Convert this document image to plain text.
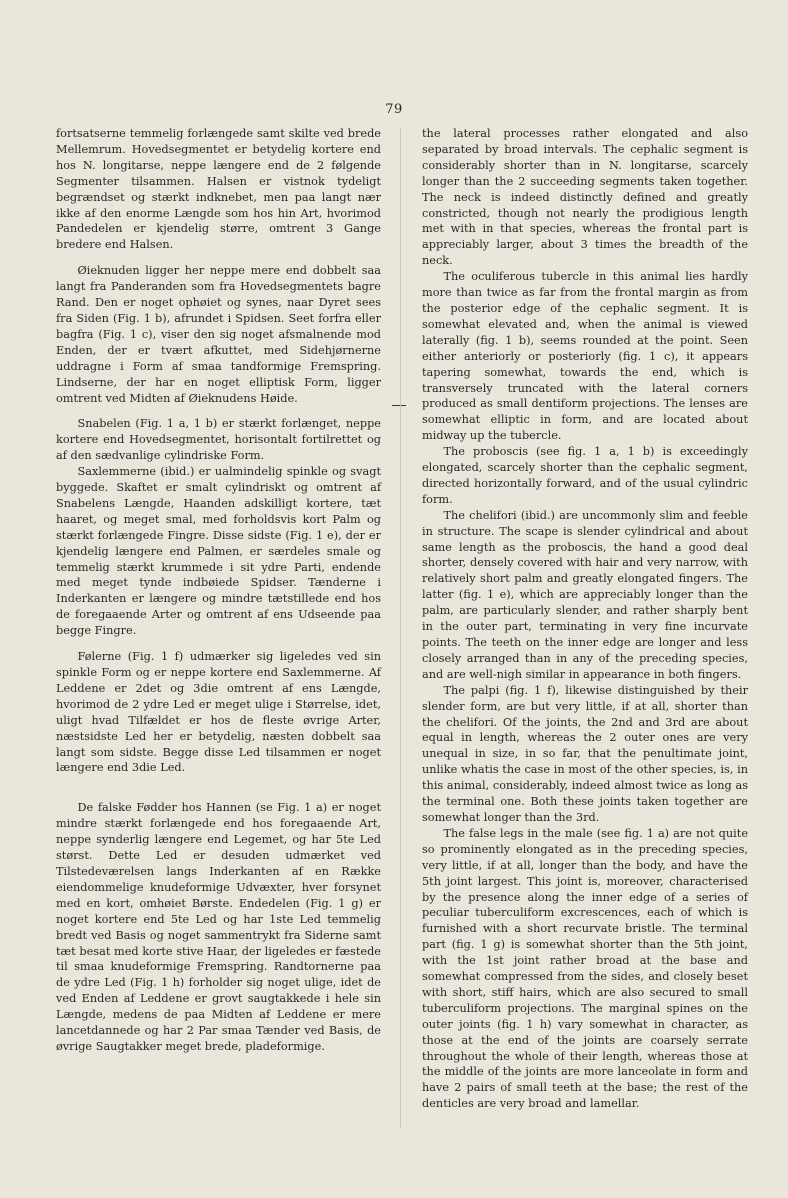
79

fortsatserne temmelig forlængede samt skilte ved brede Mellemrum. Hovedsegmentet er betydelig kortere end hos N. longitarse, neppe længere end de 2 følgende Segmenter tilsammen. Halsen er vistnok tydeligt begrændset og stærkt indknebet, men paa langt nær ikke af den enorme Længde som hos hin Art, hvorimod Pandedelen er kjendelig større, omtrent 3 Gange bredere end Halsen.

Øieknuden ligger her neppe mere end dobbelt saa langt fra Panderanden som fra Hovedsegmentets bagre Rand. Den er noget ophøiet og synes, naar Dyret sees fra Siden (Fig. 1 b), afrundet i Spidsen. Seet forfra eller bagfra (Fig. 1 c), viser den sig noget afsmalnende mod Enden, der er tvært afkuttet, med Sidehjørnerne uddragne i Form af smaa tandformige Fremspring. Lindserne, der har en noget elliptisk Form, ligger omtrent ved Midten af Øieknudens Høide.

Snabelen (Fig. 1 a, 1 b) er stærkt forlænget, neppe kortere end Hovedsegmentet, horisontalt fortilrettet og af den sædvanlige cylindriske Form.

Saxlemmerne (ibid.) er ualmindelig spinkle og svagt byggede. Skaftet er smalt cylindriskt og omtrent af Snabelens Længde, Haanden adskilligt kortere, tæt haaret, og meget smal, med forholdsvis kort Palm og stærkt forlængede Fingre. Disse sidste (Fig. 1 e), der er kjendelig længere end Palmen, er særdeles smale og temmelig stærkt krummede i sit ydre Parti, endende med meget tynde indbøiede Spidser. Tænderne i Inderkanten er længere og mindre tætstillede end hos de foregaaende Arter og omtrent af ens Udseende paa begge Fingre.

Følerne (Fig. 1 f) udmærker sig ligeledes ved sin spinkle Form og er neppe kortere end Saxlemmerne. Af Leddene er 2det og 3die omtrent af ens Længde, hvorimod de 2 ydre Led er meget ulige i Størrelse, idet, uligt hvad Tilfældet er hos de fleste øvrige Arter, næstsidste Led her er betydelig, næsten dobbelt saa langt som sidste. Begge disse Led tilsammen er noget længere end 3die Led.

De falske Fødder hos Hannen (se Fig. 1 a) er noget mindre stærkt forlængede end hos foregaaende Art, neppe synderlig længere end Legemet, og har 5te Led størst. Dette Led er desuden udmærket ved Tilstedeværelsen langs Inderkanten af en Række eiendommelige knudeformige Udvæxter, hver forsynet med en kort, omhøiet Børste. Endedelen (Fig. 1 g) er noget kortere end 5te Led og har 1ste Led temmelig bredt ved Basis og noget sammentrykt fra Siderne samt tæt besat med korte stive Haar, der ligeledes er fæstede til smaa knudeformige Fremspring. Randtornerne paa de ydre Led (Fig. 1 h) forholder sig noget ulige, idet de ved Enden af Leddene er grovt saugtakkede i hele sin Længde, medens de paa Midten af Leddene er mere lancetdannede og har 2 Par smaa Tænder ved Basis, de øvrige Saugtakker meget brede, pladeformige.

the lateral processes rather elongated and also separated by broad intervals. The cephalic segment is considerably shorter than in N. longitarse, scarcely longer than the 2 succeeding segments taken together. The neck is indeed distinctly defined and greatly constricted, though not nearly the prodigious length met with in that species, whereas the frontal part is appreciably larger, about 3 times the breadth of the neck.

The oculiferous tubercle in this animal lies hardly more than twice as far from the frontal margin as from the posterior edge of the cephalic segment. It is somewhat elevated and, when the animal is viewed laterally (fig. 1 b), seems rounded at the point. Seen either anteriorly or posteriorly (fig. 1 c), it appears tapering somewhat, towards the end, which is transversely truncated with the lateral corners produced as small dentiform projections. The lenses are somewhat elliptic in form, and are located about midway up the tubercle.

The proboscis (see fig. 1 a, 1 b) is exceedingly elongated, scarcely shorter than the cephalic segment, directed horizontally forward, and of the usual cylindric form.

The chelifori (ibid.) are uncommonly slim and feeble in structure. The scape is slender cylindrical and about same length as the proboscis, the hand a good deal shorter, densely covered with hair and very narrow, with relatively short palm and greatly elongated fingers. The latter (fig. 1 e), which are appreciably longer than the palm, are particularly slender, and rather sharply bent in the outer part, terminating in very fine incurvate points. The teeth on the inner edge are longer and less closely arranged than in any of the preceding species, and are well-nigh similar in appearance in both fingers.

The palpi (fig. 1 f), likewise distinguished by their slender form, are but very little, if at all, shorter than the chelifori. Of the joints, the 2nd and 3rd are about equal in length, whereas the 2 outer ones are very unequal in size, in so far, that the penultimate joint, unlike whatis the case in most of the other species, is, in this animal, considerably, indeed almost twice as long as the terminal one. Both these joints taken together are somewhat longer than the 3rd.

The false legs in the male (see fig. 1 a) are not quite so prominently elongated as in the preceding species, very little, if at all, longer than the body, and have the 5th joint largest. This joint is, moreover, characterised by the presence along the inner edge of a series of peculiar tuberculiform excrescences, each of which is furnished with a short recurvate bristle. The terminal part (fig. 1 g) is somewhat shorter than the 5th joint, with the 1st joint rather broad at the base and somewhat compressed from the sides, and closely beset with short, stiff hairs, which are also secured to small tuberculiform projections. The marginal spines on the outer joints (fig. 1 h) vary somewhat in character, as those at the end of the joints are coarsely serrate throughout the whole of their length, whereas those at the middle of the joints are more lanceolate in form and have 2 pairs of small teeth at the base; the rest of the denticles are very broad and lamellar.
